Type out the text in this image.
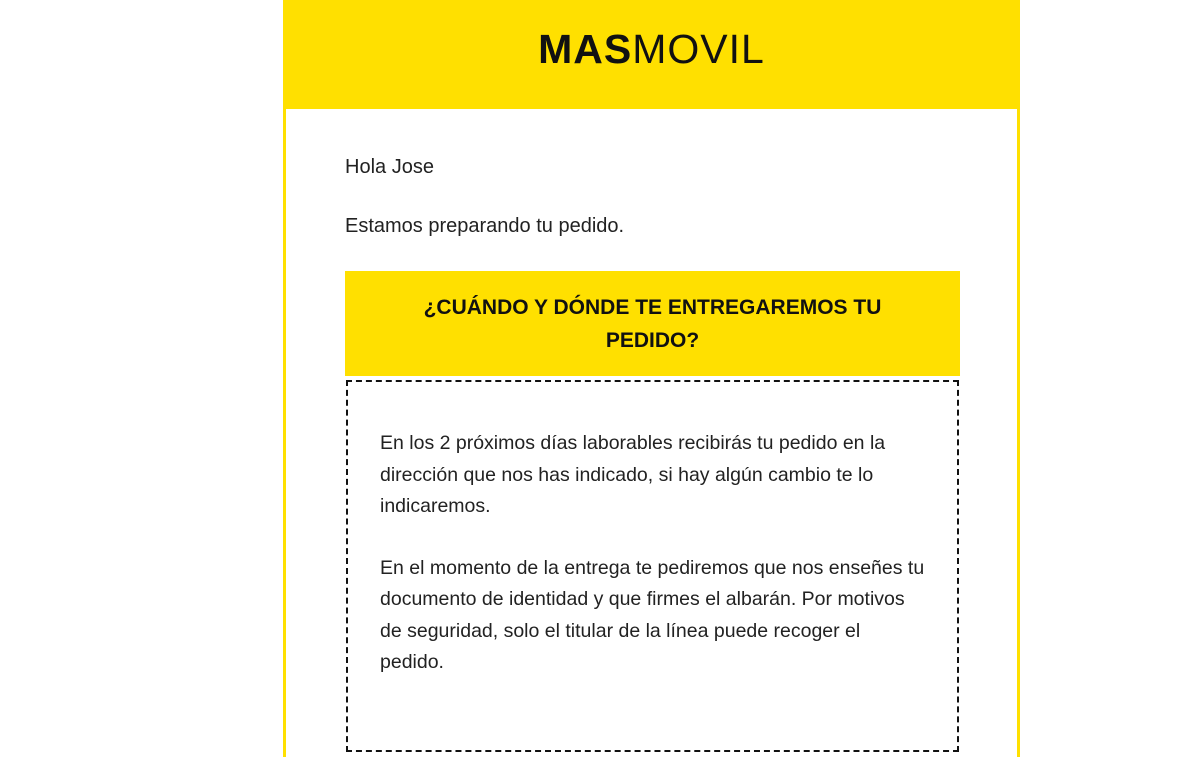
MASMOVIL

Hola Jose

Estamos preparando tu pedido.

¿CUÁNDO Y DÓNDE TE ENTREGAREMOS TU PEDIDO?

En los 2 próximos días laborables recibirás tu pedido en la dirección que nos has indicado, si hay algún cambio te lo indicaremos.

En el momento de la entrega te pediremos que nos enseñes tu documento de identidad y que firmes el albarán. Por motivos de seguridad, solo el titular de la línea puede recoger el pedido.
